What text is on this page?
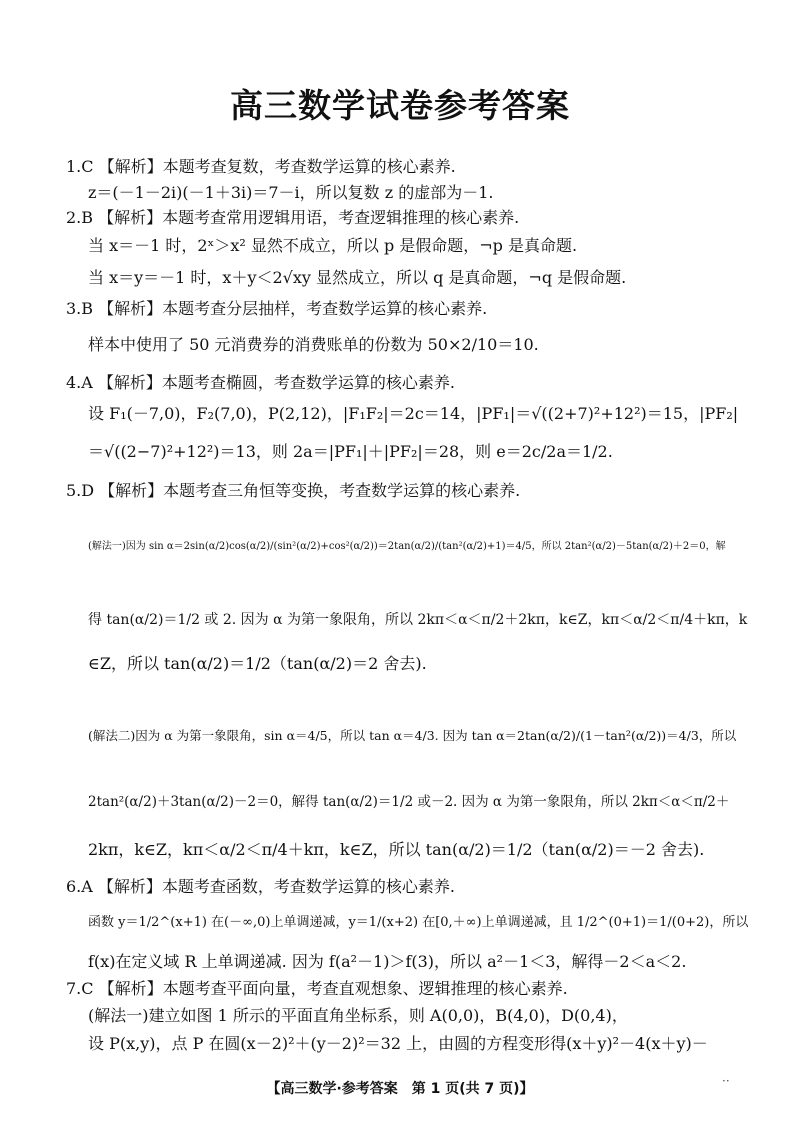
高三数学试卷参考答案
1.C 【解析】本题考查复数，考查数学运算的核心素养.
z＝(－1－2i)(－1＋3i)＝7－i，所以复数 z 的虚部为－1.
2.B 【解析】本题考查常用逻辑用语，考查逻辑推理的核心素养.
当 x＝－1 时，2ˣ＞x² 显然不成立，所以 p 是假命题，¬p 是真命题.
当 x＝y＝－1 时，x＋y＜2√xy 显然成立，所以 q 是真命题，¬q 是假命题.
3.B 【解析】本题考查分层抽样，考查数学运算的核心素养.
样本中使用了 50 元消费券的消费账单的份数为 50×2/10＝10.
4.A 【解析】本题考查椭圆，考查数学运算的核心素养.
设 F₁(－7,0)，F₂(7,0)，P(2,12)，|F₁F₂|＝2c＝14，|PF₁|＝√((2+7)²+12²)＝15，|PF₂|
＝√((2−7)²+12²)＝13，则 2a＝|PF₁|＋|PF₂|＝28，则 e＝2c/2a＝1/2.
5.D 【解析】本题考查三角恒等变换，考查数学运算的核心素养.
(解法一)因为 sin α＝2sin(α/2)cos(α/2)/(sin²(α/2)+cos²(α/2))＝2tan(α/2)/(tan²(α/2)+1)＝4/5，所以 2tan²(α/2)－5tan(α/2)＋2＝0，解
得 tan(α/2)＝1/2 或 2. 因为 α 为第一象限角，所以 2kπ＜α＜π/2＋2kπ，k∈Z，kπ＜α/2＜π/4＋kπ，k
∈Z，所以 tan(α/2)＝1/2（tan(α/2)＝2 舍去).
(解法二)因为 α 为第一象限角，sin α＝4/5，所以 tan α＝4/3. 因为 tan α＝2tan(α/2)/(1－tan²(α/2))＝4/3，所以
2tan²(α/2)＋3tan(α/2)－2＝0，解得 tan(α/2)＝1/2 或－2. 因为 α 为第一象限角，所以 2kπ＜α＜π/2＋
2kπ，k∈Z，kπ＜α/2＜π/4＋kπ，k∈Z，所以 tan(α/2)＝1/2（tan(α/2)＝－2 舍去).
6.A 【解析】本题考查函数，考查数学运算的核心素养.
函数 y＝1/2^(x+1) 在(－∞,0)上单调递减，y＝1/(x+2) 在[0,＋∞)上单调递减，且 1/2^(0+1)＝1/(0+2)，所以
f(x)在定义域 R 上单调递减. 因为 f(a²－1)＞f(3)，所以 a²－1＜3，解得－2＜a＜2.
7.C 【解析】本题考查平面向量，考查直观想象、逻辑推理的核心素养.
(解法一)建立如图 1 所示的平面直角坐标系，则 A(0,0)，B(4,0)，D(0,4)，
设 P(x,y)，点 P 在圆(x－2)²＋(y－2)²＝32 上，由圆的方程变形得(x＋y)²－4(x＋y)－
【高三数学·参考答案　第 1 页(共 7 页)】	··
